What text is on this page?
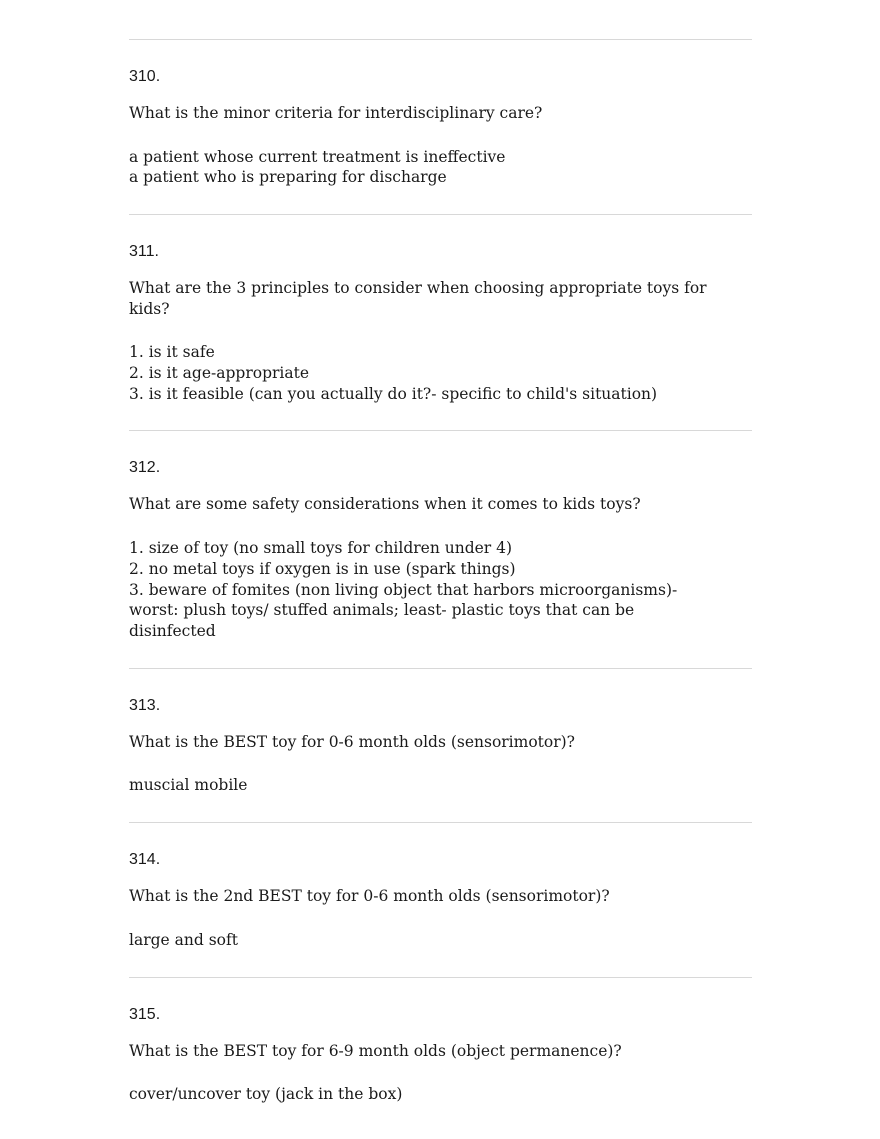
310.

What is the minor criteria for interdisciplinary care?

a patient whose current treatment is ineffective
a patient who is preparing for discharge

311.

What are the 3 principles to consider when choosing appropriate toys for kids?

1. is it safe
2. is it age-appropriate
3. is it feasible (can you actually do it?- specific to child's situation)

312.

What are some safety considerations when it comes to kids toys?

1. size of toy (no small toys for children under 4)
2. no metal toys if oxygen is in use (spark things)
3. beware of fomites (non living object that harbors microorganisms)-
worst: plush toys/ stuffed animals; least- plastic toys that can be
disinfected

313.

What is the BEST toy for 0-6 month olds (sensorimotor)?

muscial mobile

314.

What is the 2nd BEST toy for 0-6 month olds (sensorimotor)?

large and soft

315.

What is the BEST toy for 6-9 month olds (object permanence)?

cover/uncover toy (jack in the box)
